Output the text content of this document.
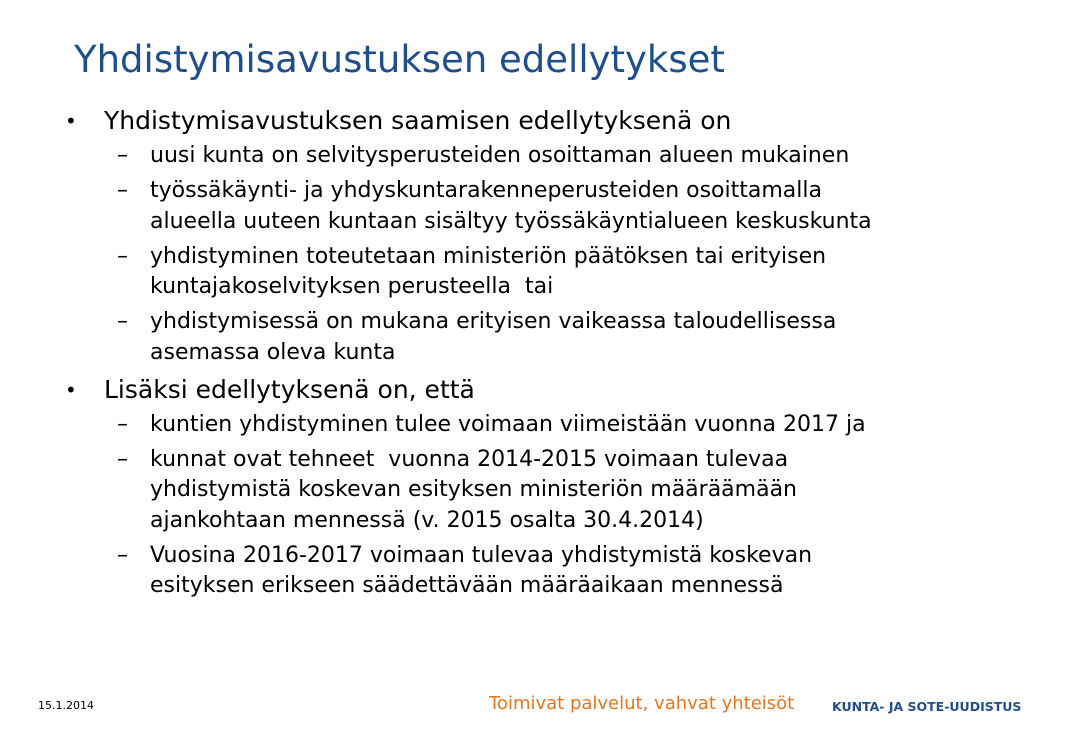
Yhdistymisavustuksen edellytykset
• Yhdistymisavustuksen saamisen edellytyksenä on
– uusi kunta on selvitysperusteiden osoittaman alueen mukainen
– työssäkäynti- ja yhdyskuntarakenneperusteiden osoittamalla
alueella uuteen kuntaan sisältyy työssäkäyntialueen keskuskunta
– yhdistyminen toteutetaan ministeriön päätöksen tai erityisen
kuntajakoselvityksen perusteella  tai
– yhdistymisessä on mukana erityisen vaikeassa taloudellisessa
asemassa oleva kunta
• Lisäksi edellytyksenä on, että
– kuntien yhdistyminen tulee voimaan viimeistään vuonna 2017 ja
– kunnat ovat tehneet  vuonna 2014-2015 voimaan tulevaa
yhdistymistä koskevan esityksen ministeriön määräämään
ajankohtaan mennessä (v. 2015 osalta 30.4.2014)
– Vuosina 2016-2017 voimaan tulevaa yhdistymistä koskevan
esityksen erikseen säädettävään määräaikaan mennessä
15.1.2014	Toimivat palvelut, vahvat yhteisöt	KUNTA- JA SOTE-UUDISTUS
